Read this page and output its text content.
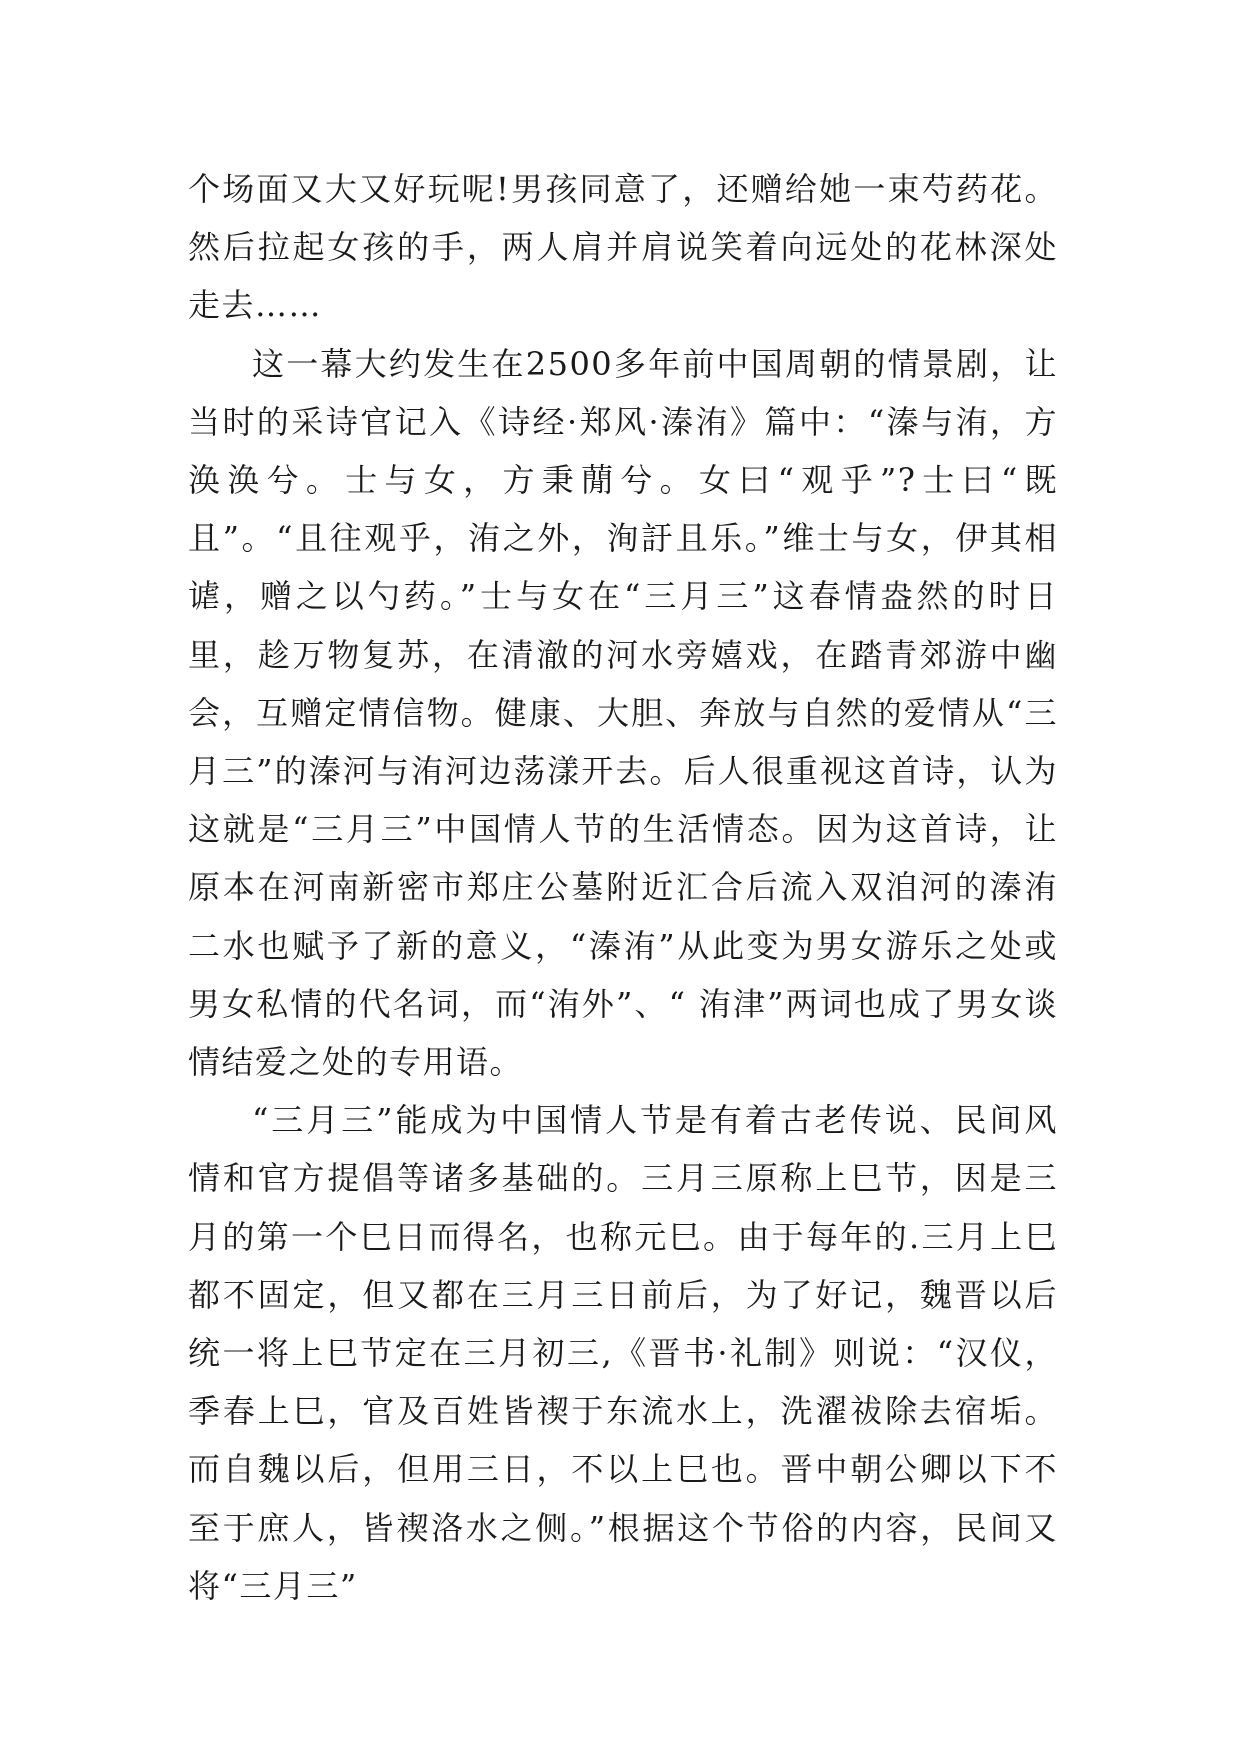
个场面又大又好玩呢!男孩同意了，还赠给她一束芍药花。然后拉起女孩的手，两人肩并肩说笑着向远处的花林深处走去……

这一幕大约发生在2500多年前中国周朝的情景剧，让当时的采诗官记入《诗经·郑风·溱洧》篇中：“溱与洧，方涣涣兮。士与女，方秉蕑兮。女曰“观乎”?士曰“既且”。“且往观乎，洧之外，洵訏且乐。”维士与女，伊其相谑，赠之以勺药。”士与女在“三月三”这春情盎然的时日里，趁万物复苏，在清澈的河水旁嬉戏，在踏青郊游中幽会，互赠定情信物。健康、大胆、奔放与自然的爱情从“三月三”的溱河与洧河边荡漾开去。后人很重视这首诗，认为这就是“三月三”中国情人节的生活情态。因为这首诗，让原本在河南新密市郑庄公墓附近汇合后流入双洎河的溱洧二水也赋予了新的意义，“溱洧”从此变为男女游乐之处或男女私情的代名词，而“洧外”、“ 洧津”两词也成了男女谈情结爱之处的专用语。

“三月三”能成为中国情人节是有着古老传说、民间风情和官方提倡等诸多基础的。三月三原称上巳节，因是三月的第一个巳日而得名，也称元巳。由于每年的.三月上巳都不固定，但又都在三月三日前后，为了好记，魏晋以后统一将上巳节定在三月初三,《晋书·礼制》则说：“汉仪，季春上巳，官及百姓皆禊于东流水上，洗濯祓除去宿垢。而自魏以后，但用三日，不以上巳也。晋中朝公卿以下不至于庶人，皆禊洛水之侧。”根据这个节俗的内容，民间又将“三月三”
